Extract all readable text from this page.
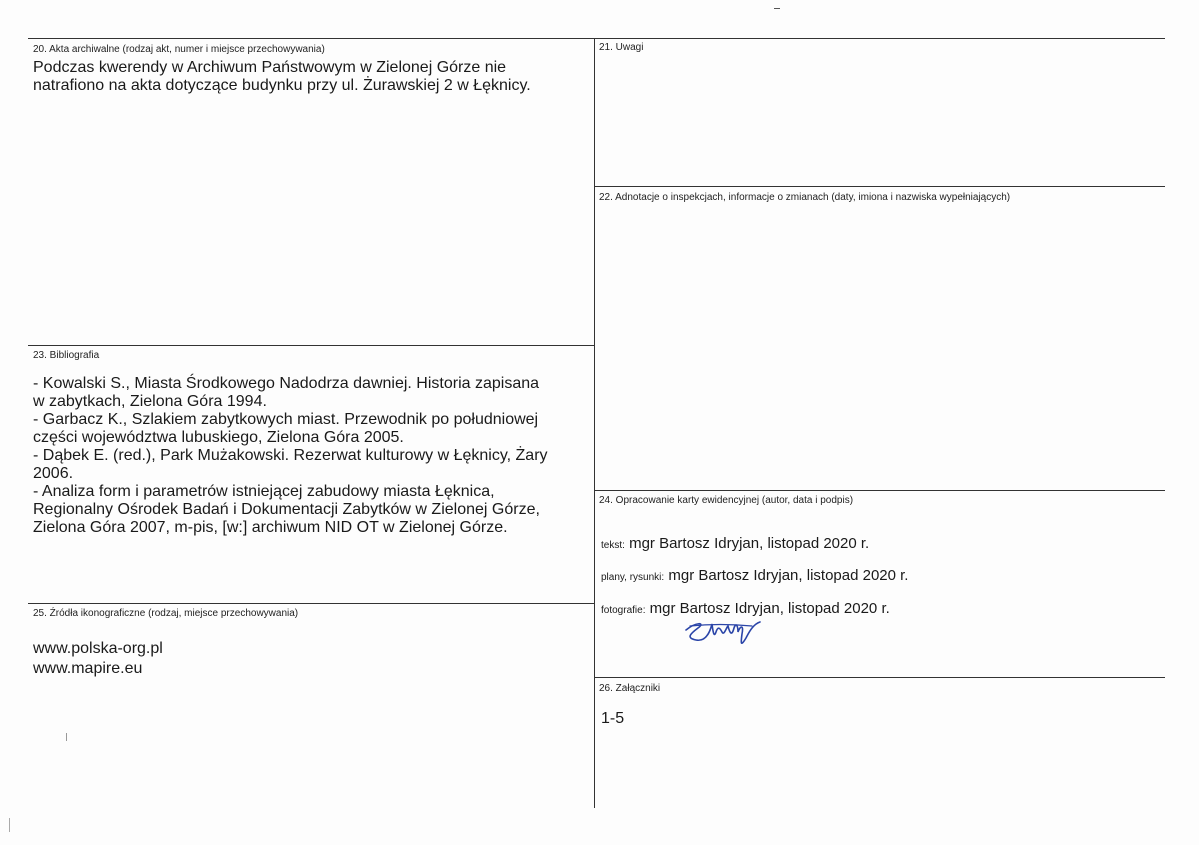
20. Akta archiwalne (rodzaj akt, numer i miejsce przechowywania)
Podczas kwerendy w Archiwum Państwowym w Zielonej Górze nie
natrafiono na akta dotyczące budynku przy ul. Żurawskiej 2 w Łęknicy.
21. Uwagi
22. Adnotacje o inspekcjach, informacje o zmianach (daty, imiona i nazwiska wypełniających)
23. Bibliografia
- Kowalski S., Miasta Środkowego Nadodrza dawniej. Historia zapisana
w zabytkach, Zielona Góra 1994.
- Garbacz K., Szlakiem zabytkowych miast. Przewodnik po południowej
części województwa lubuskiego, Zielona Góra 2005.
- Dąbek E. (red.), Park Mużakowski. Rezerwat kulturowy w Łęknicy, Żary
2006.
- Analiza form i parametrów istniejącej zabudowy miasta Łęknica,
Regionalny Ośrodek Badań i Dokumentacji Zabytków w Zielonej Górze,
Zielona Góra 2007, m-pis, [w:] archiwum NID OT w Zielonej Górze.
24. Opracowanie karty ewidencyjnej (autor, data i podpis)
tekst: mgr Bartosz Idryjan, listopad 2020 r.
plany, rysunki: mgr Bartosz Idryjan, listopad 2020 r.
fotografie: mgr Bartosz Idryjan, listopad 2020 r.
25. Źródła ikonograficzne (rodzaj, miejsce przechowywania)
www.polska-org.pl
www.mapire.eu
26. Załączniki
1-5
